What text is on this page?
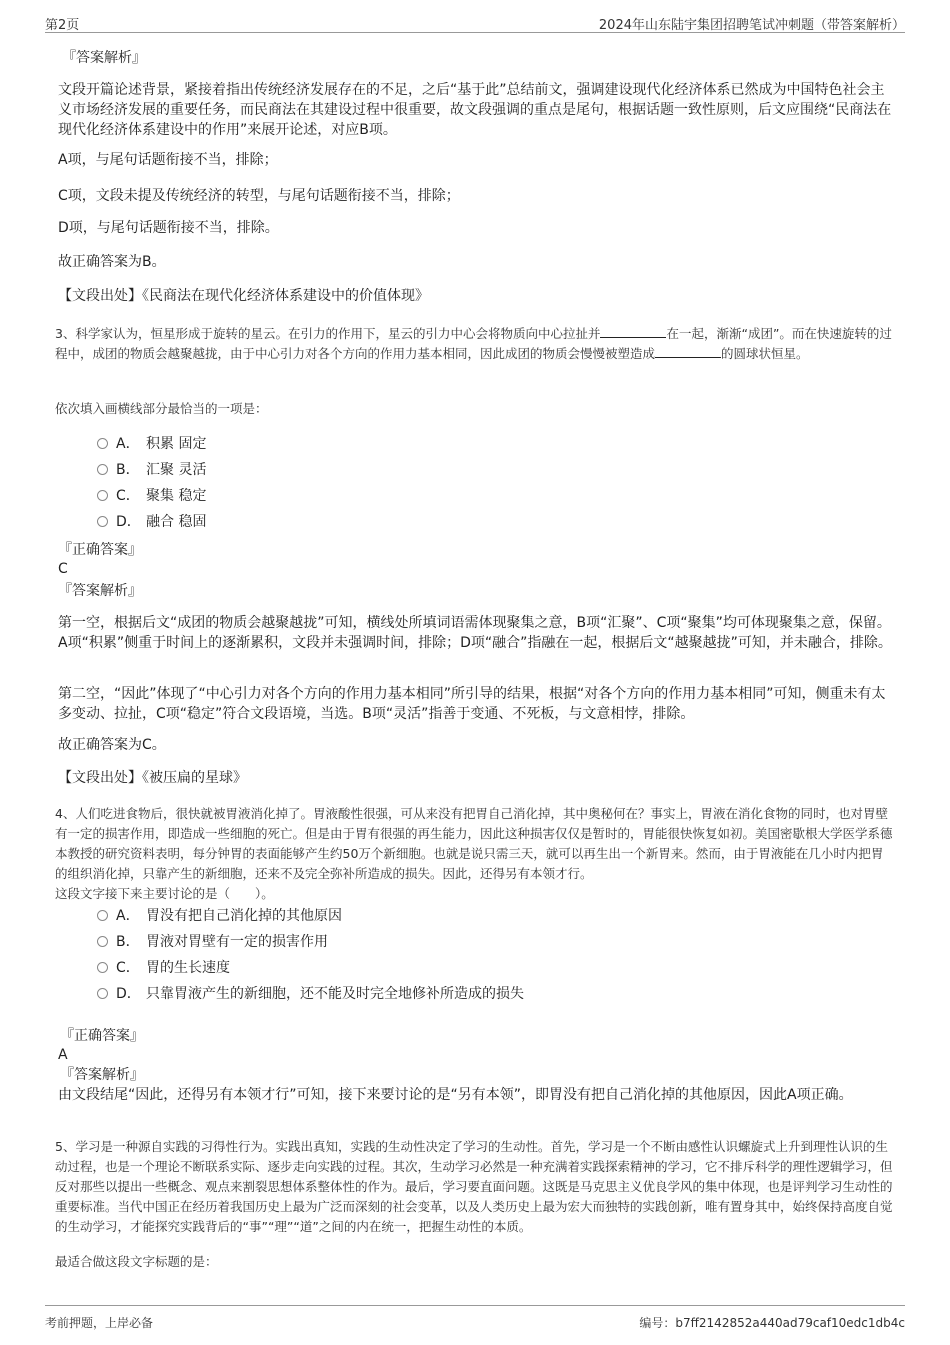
第2页	2024年山东陆宇集团招聘笔试冲刺题（带答案解析）
『答案解析』
文段开篇论述背景，紧接着指出传统经济发展存在的不足，之后“基于此”总结前文，强调建设现代化经济体系已然成为中国特色社会主义市场经济发展的重要任务，而民商法在其建设过程中很重要，故文段强调的重点是尾句，根据话题一致性原则，后文应围绕“民商法在现代化经济体系建设中的作用”来展开论述，对应B项。
A项，与尾句话题衔接不当，排除；
C项，文段未提及传统经济的转型，与尾句话题衔接不当，排除；
D项，与尾句话题衔接不当，排除。
故正确答案为B。
【文段出处】《民商法在现代化经济体系建设中的价值体现》
3、科学家认为，恒星形成于旋转的星云。在引力的作用下，星云的引力中心会将物质向中心拉扯并	在一起，渐渐“成团”。而在快速旋转的过程中，成团的物质会越聚越拢，由于中心引力对各个方向的作用力基本相同，因此成团的物质会慢慢被塑造成	的圆球状恒星。
依次填入画横线部分最恰当的一项是：
A． 积累 固定
B． 汇聚 灵活
C． 聚集 稳定
D． 融合 稳固
『正确答案』
C
『答案解析』
第一空，根据后文“成团的物质会越聚越拢”可知，横线处所填词语需体现聚集之意，B项“汇聚”、C项“聚集”均可体现聚集之意，保留。A项“积累”侧重于时间上的逐渐累积，文段并未强调时间，排除；D项“融合”指融在一起，根据后文“越聚越拢”可知，并未融合，排除。
第二空，“因此”体现了“中心引力对各个方向的作用力基本相同”所引导的结果，根据“对各个方向的作用力基本相同”可知，侧重未有太多变动、拉扯，C项“稳定”符合文段语境，当选。B项“灵活”指善于变通、不死板，与文意相悖，排除。
故正确答案为C。
【文段出处】《被压扁的星球》
4、人们吃进食物后，很快就被胃液消化掉了。胃液酸性很强，可从来没有把胃自己消化掉，其中奥秘何在？事实上，胃液在消化食物的同时，也对胃壁有一定的损害作用，即造成一些细胞的死亡。但是由于胃有很强的再生能力，因此这种损害仅仅是暂时的，胃能很快恢复如初。美国密歇根大学医学系德本教授的研究资料表明，每分钟胃的表面能够产生约50万个新细胞。也就是说只需三天，就可以再生出一个新胃来。然而，由于胃液能在几小时内把胃的组织消化掉，只靠产生的新细胞，还来不及完全弥补所造成的损失。因此，还得另有本领才行。
这段文字接下来主要讨论的是（　　）。
A． 胃没有把自己消化掉的其他原因
B． 胃液对胃壁有一定的损害作用
C． 胃的生长速度
D． 只靠胃液产生的新细胞，还不能及时完全地修补所造成的损失
『正确答案』
A
『答案解析』
由文段结尾“因此，还得另有本领才行”可知，接下来要讨论的是“另有本领”，即胃没有把自己消化掉的其他原因，因此A项正确。
5、学习是一种源自实践的习得性行为。实践出真知，实践的生动性决定了学习的生动性。首先，学习是一个不断由感性认识螺旋式上升到理性认识的生动过程，也是一个理论不断联系实际、逐步走向实践的过程。其次，生动学习必然是一种充满着实践探索精神的学习，它不排斥科学的理性逻辑学习，但反对那些以提出一些概念、观点来割裂思想体系整体性的作为。最后，学习要直面问题。这既是马克思主义优良学风的集中体现，也是评判学习生动性的重要标准。当代中国正在经历着我国历史上最为广泛而深刻的社会变革，以及人类历史上最为宏大而独特的实践创新，唯有置身其中，始终保持高度自觉的生动学习，才能探究实践背后的“事”“理”“道”之间的内在统一，把握生动性的本质。
最适合做这段文字标题的是：
考前押题，上岸必备	编号：b7ff2142852a440ad79caf10edc1db4c
